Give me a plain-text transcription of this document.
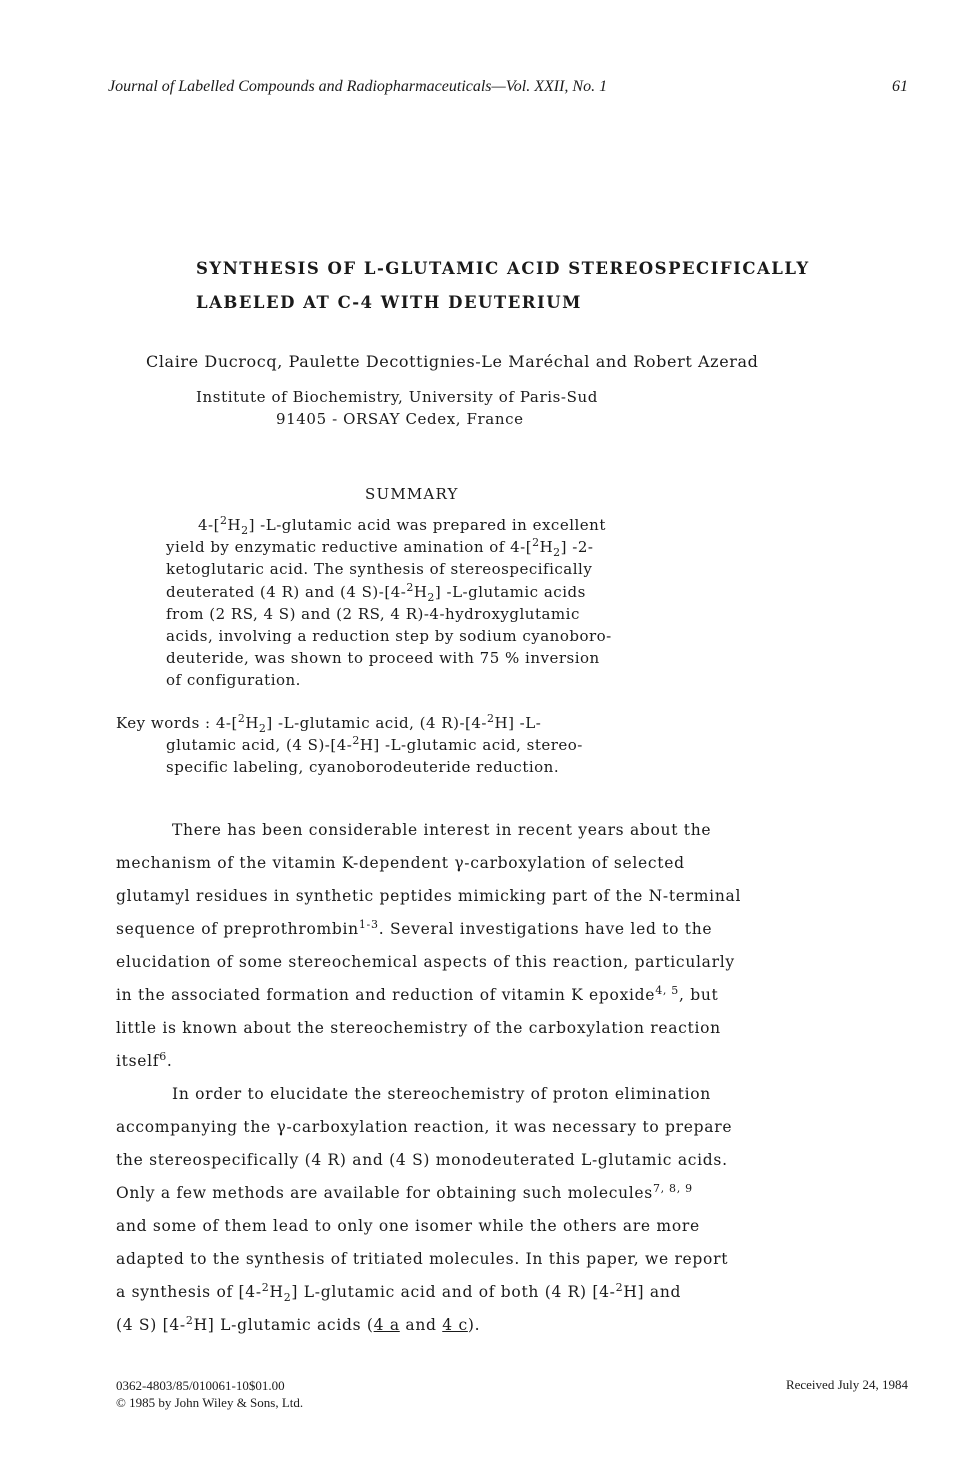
Journal of Labelled Compounds and Radiopharmaceuticals—Vol. XXII, No. 1	61
SYNTHESIS OF L-GLUTAMIC ACID STEREOSPECIFICALLY
LABELED AT C-4 WITH DEUTERIUM
Claire Ducrocq, Paulette Decottignies-Le Maréchal and Robert Azerad
Institute of Biochemistry, University of Paris-Sud
91405 - ORSAY Cedex, France
SUMMARY
$4-[^2H_2]$ -L-glutamic acid was prepared in excellent
yield by enzymatic reductive amination of $4-[^2H_2]$ -2-
ketoglutaric acid. The synthesis of stereospecifically
deuterated (4 R) and (4 $S)-[4-^2H_2]$ -L-glutamic acids
from (2 RS, 4 S) and (2 RS, 4 R)-4-hydroxyglutamic
acids, involving a reduction step by sodium cyanoboro-
deuteride, was shown to proceed with 75 % inversion
of configuration.
Key words : $4-[^2H_2]$ -L-glutamic acid, (4 R)-[4-$^2$H] -L-
glutamic acid, (4 S)-[4-$^2$H] -L-glutamic acid, stereo-
specific labeling, cyanoborodeuteride reduction.
There has been considerable interest in recent years about the
mechanism of the vitamin K-dependent γ-carboxylation of selected
glutamyl residues in synthetic peptides mimicking part of the N-terminal
sequence of preprothrombin$^{1-3}$. Several investigations have led to the
elucidation of some stereochemical aspects of this reaction, particularly
in the associated formation and reduction of vitamin K epoxide$^{4, 5}$, but
little is known about the stereochemistry of the carboxylation reaction
itself$^6$.
In order to elucidate the stereochemistry of proton elimination
accompanying the γ-carboxylation reaction, it was necessary to prepare
the stereospecifically (4 R) and (4 S) monodeuterated L-glutamic acids.
Only a few methods are available for obtaining such molecules$^{7, 8, 9}$
and some of them lead to only one isomer while the others are more
adapted to the synthesis of tritiated molecules. In this paper, we report
a synthesis of $[4-^2H_2]$ L-glutamic acid and of both (4 R) [4-$^2$H] and
(4 S) [4-$^2$H] L-glutamic acids (4 a and 4 c).
0362-4803/85/010061-10$01.00
© 1985 by John Wiley & Sons, Ltd.
Received July 24, 1984
